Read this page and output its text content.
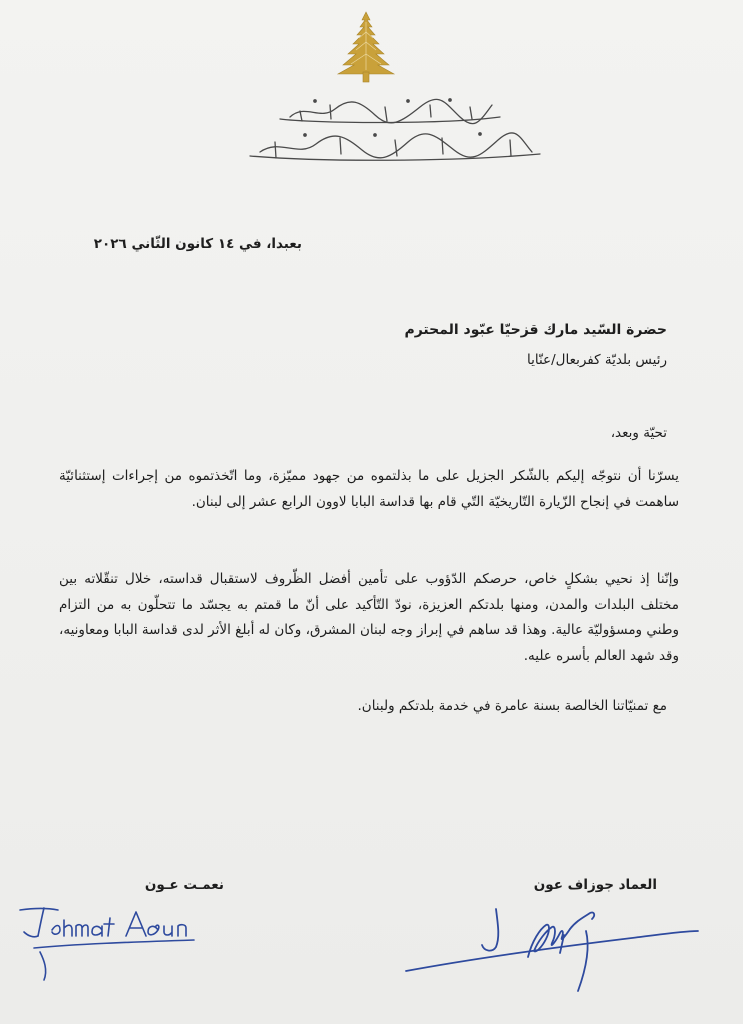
بعبدا، في ١٤ كانون الثّاني ٢٠٢٦
حضرة السّيد مارك قزحيّا عبّود المحترم
رئيس بلديّة كفربعال/عنّايا
تحيّة وبعد،
يسرّنا أن نتوجّه إليكم بالشّكر الجزيل على ما بذلتموه من جهود مميّزة، وما اتّخذتموه من إجراءات إستثنائيّة ساهمت في إنجاح الزّيارة التّاريخيّة التّي قام بها قداسة البابا لاوون الرابع عشر إلى لبنان.
وإنّنا إذ نحيي بشكلٍ خاص، حرصكم الدّؤوب على تأمين أفضل الظّروف لاستقبال قداسته، خلال تنقّلاته بين مختلف البلدات والمدن، ومنها بلدتكم العزيزة، نودّ التّأكيد على أنّ ما قمتم به يجسّد ما تتحلّون به من التزام وطني ومسؤوليّة عالية. وهذا قد ساهم في إبراز وجه لبنان المشرق، وكان له أبلغ الأثر لدى قداسة البابا ومعاونيه، وقد شهد العالم بأسره عليه.
مع تمنيّاتنا الخالصة بسنة عامرة في خدمة بلدتكم ولبنان.
العماد جوزاف عون
نعمـت عـون
